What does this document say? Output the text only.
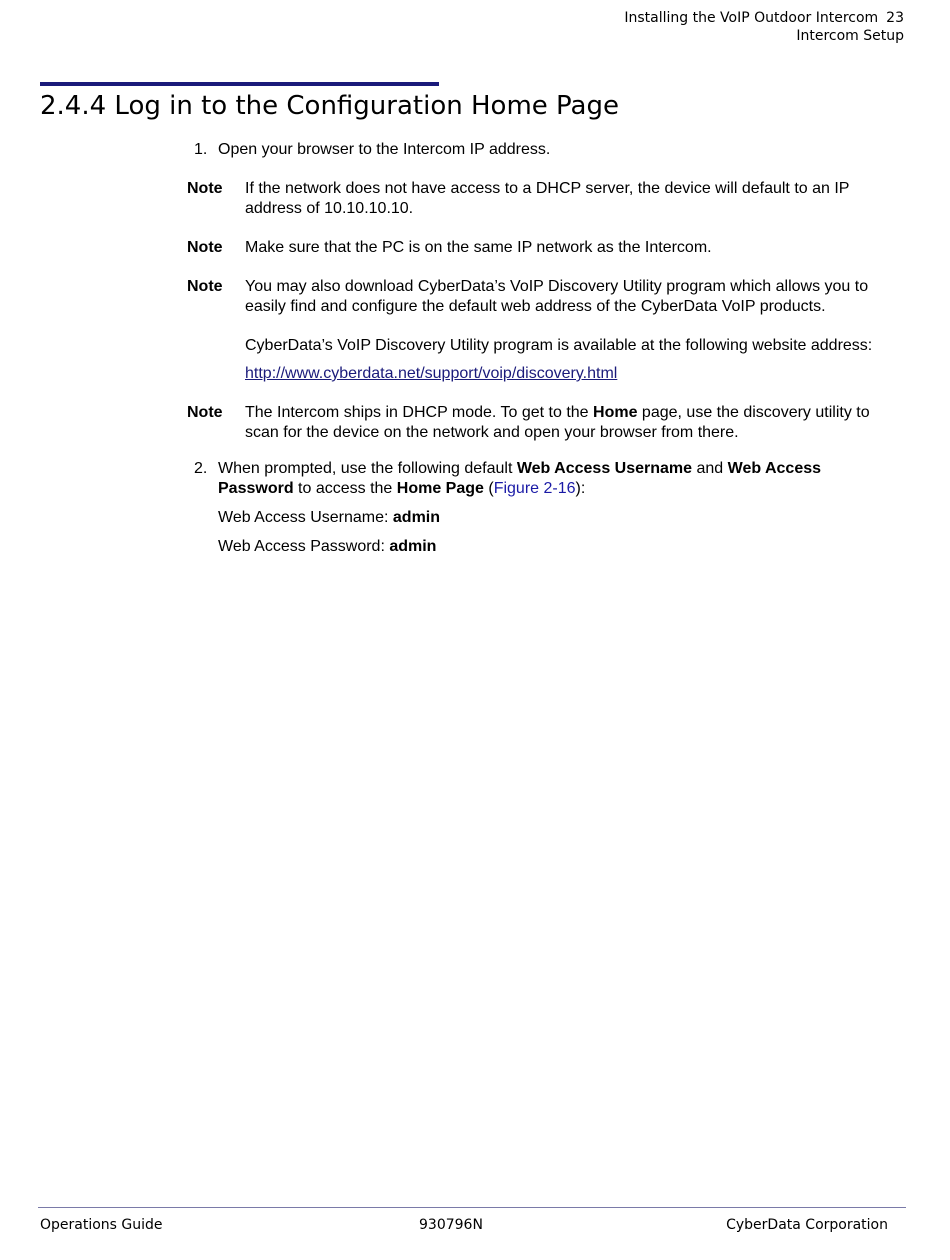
Installing the VoIP Outdoor Intercom 23
Intercom Setup
2.4.4 Log in to the Configuration Home Page
1. Open your browser to the Intercom IP address.

Note If the network does not have access to a DHCP server, the device will default to an IP address of 10.10.10.10.

Note Make sure that the PC is on the same IP network as the Intercom.

Note You may also download CyberData’s VoIP Discovery Utility program which allows you to easily find and configure the default web address of the CyberData VoIP products.

CyberData’s VoIP Discovery Utility program is available at the following website address:

http://www.cyberdata.net/support/voip/discovery.html

Note The Intercom ships in DHCP mode. To get to the Home page, use the discovery utility to scan for the device on the network and open your browser from there.

2. When prompted, use the following default Web Access Username and Web Access Password to access the Home Page (Figure 2-16):

Web Access Username: admin

Web Access Password: admin

Operations Guide	930796N	CyberData Corporation
